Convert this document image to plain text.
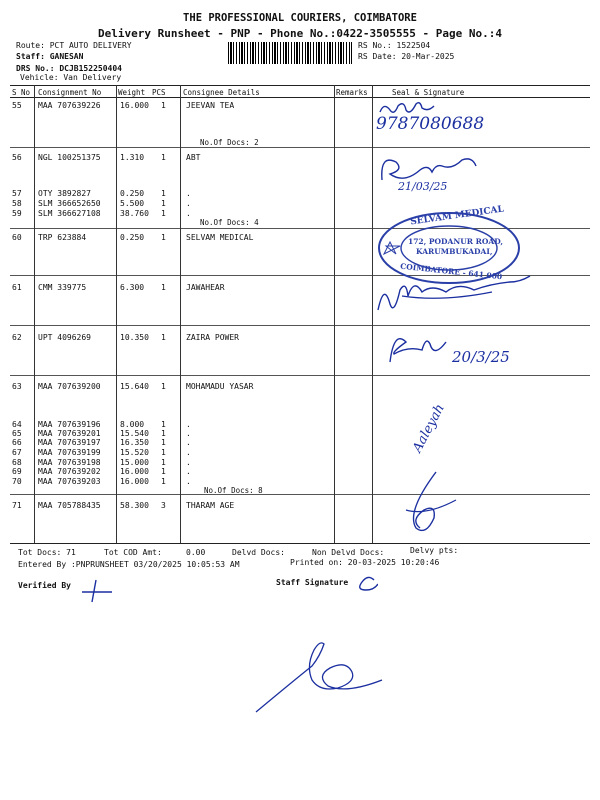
THE PROFESSIONAL COURIERS, COIMBATORE
Delivery Runsheet - PNP - Phone No.:0422-3505555 - Page No.:4
Route: PCT AUTO DELIVERY
Staff: GANESAN
DRS No.: DCJB152250404
Vehicle: Van Delivery
RS No.: 1522504
RS Date: 20-Mar-2025
S No Consignment No Weight PCS Consignee Details	Remarks	Seal & Signature
55 MAA 707639226 16.000 1	JEEVAN TEA
No.Of Docs: 2
56 NGL 100251375 1.310 1	ABT
57 OTY 3892827	0.250 1	.
58 SLM 366652650 5.500 1	.
59 SLM 366627108 38.760 1	.
No.Of Docs: 4
60 TRP 623884	0.250 1	SELVAM MEDICAL
61 CMM 339775	6.300 1	JAWAHEAR
62 UPT 4096269	10.350 1	ZAIRA POWER
63 MAA 707639200 15.640 1	MOHAMADU YASAR
64 MAA 707639196 8.000 1	.
65 MAA 707639201 15.540 1	.
66 MAA 707639197 16.350 1	.
67 MAA 707639199 15.520 1	.
68 MAA 707639198 15.000 1	.
69 MAA 707639202 16.000 1	.
70 MAA 707639203 16.000 1	.
No.Of Docs: 8
71 MAA 705788435 58.300 3	THARAM AGE
9787080688
21/03/25
SELVAM MEDICAL
172, PODANUR ROAD,
KARUMBUKADAI,
COIMBATORE - 641 000
20/3/25
Aaleyah
Tot Docs: 71	Tot COD Amt:	0.00	Delvd Docs:	Non Delvd Docs:	Delvy pts:
Entered By :PNPRUNSHEET 03/20/2025 10:05:53 AM	Printed on: 20-03-2025 10:20:46
Verified By	Staff Signature
